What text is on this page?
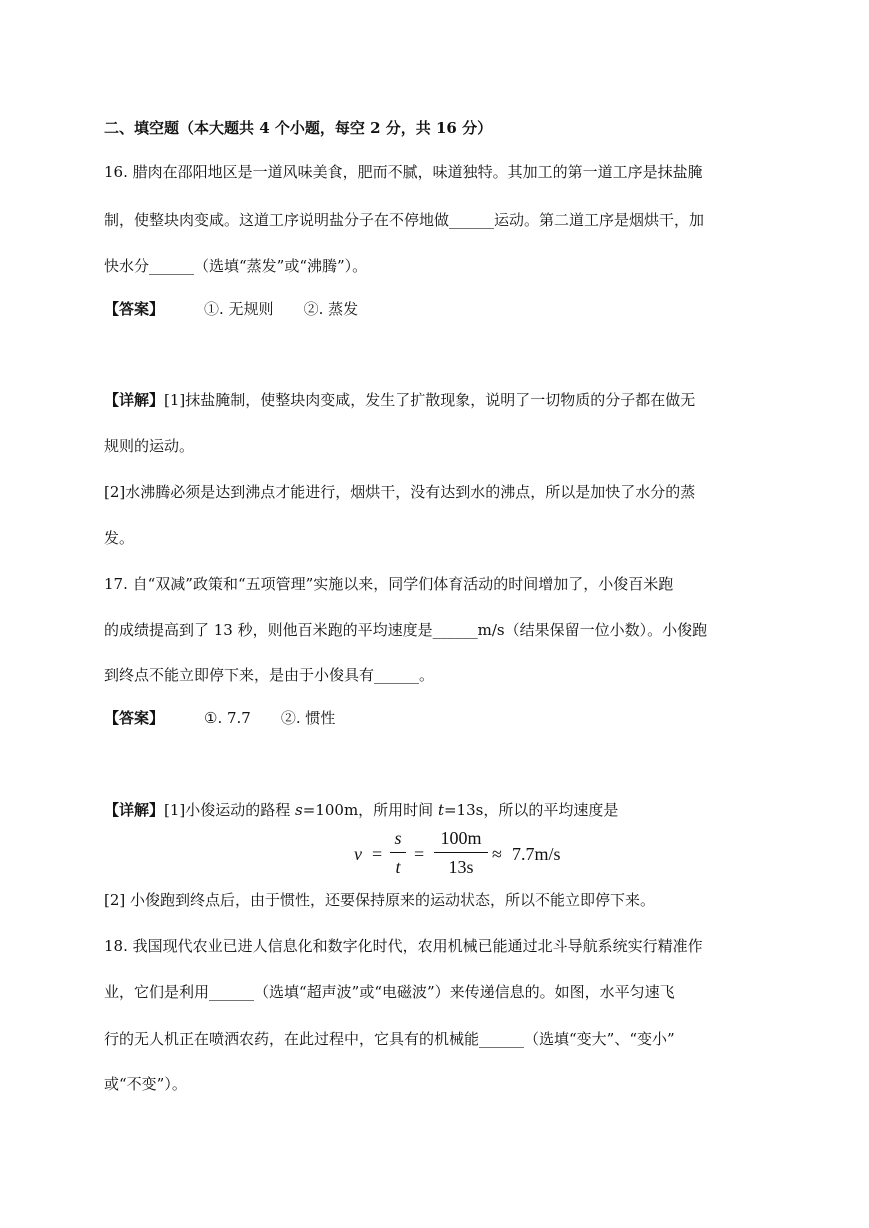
二、填空题（本大题共 4 个小题，每空 2 分，共 16 分）
16. 腊肉在邵阳地区是一道风味美食，肥而不腻，味道独特。其加工的第一道工序是抹盐腌
制，使整块肉变咸。这道工序说明盐分子在不停地做______运动。第二道工序是烟烘干，加
快水分______（选填“蒸发”或“沸腾”）。
【答案】	①. 无规则 ②. 蒸发
【详解】[1]抹盐腌制，使整块肉变咸，发生了扩散现象，说明了一切物质的分子都在做无
规则的运动。
[2]水沸腾必须是达到沸点才能进行，烟烘干，没有达到水的沸点，所以是加快了水分的蒸
发。
17. 自“双减”政策和“五项管理”实施以来，同学们体育活动的时间增加了，小俊百米跑
的成绩提高到了 13 秒，则他百米跑的平均速度是______m/s（结果保留一位小数）。小俊跑
到终点不能立即停下来，是由于小俊具有______。
【答案】	①. 7.7 ②. 惯性
【详解】[1]小俊运动的路程 s=100m，所用时间 t=13s，所以的平均速度是
v =
s
t
=
100m
13s
≈ 7.7m/s
[2] 小俊跑到终点后，由于惯性，还要保持原来的运动状态，所以不能立即停下来。
18. 我国现代农业已进人信息化和数字化时代，农用机械已能通过北斗导航系统实行精准作
业，它们是利用______（选填“超声波”或“电磁波”）来传递信息的。如图，水平匀速飞
行的无人机正在喷洒农药，在此过程中，它具有的机械能______（选填“变大”、“变小”
或“不变”）。
